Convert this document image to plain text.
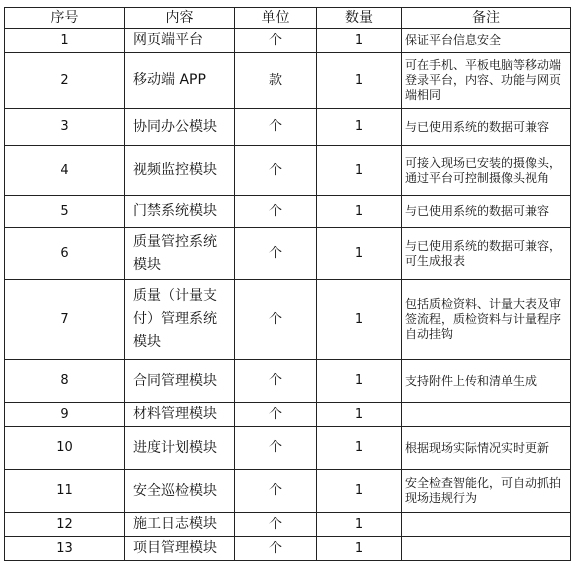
序号	内容	单位	数量	备注
1	网页端平台	个	1	保证平台信息安全
2	移动端 APP	款	1	可在手机、平板电脑等移动端登录平台，内容、功能与网页端相同
3	协同办公模块	个	1	与已使用系统的数据可兼容
4	视频监控模块	个	1	可接入现场已安装的摄像头，通过平台可控制摄像头视角
5	门禁系统模块	个	1	与已使用系统的数据可兼容
6	质量管控系统模块	个	1	与已使用系统的数据可兼容，可生成报表
7	质量（计量支付）管理系统模块	个	1	包括质检资料、计量大表及审签流程，质检资料与计量程序自动挂钩
8	合同管理模块	个	1	支持附件上传和清单生成
9	材料管理模块	个	1	
10	进度计划模块	个	1	根据现场实际情况实时更新
11	安全巡检模块	个	1	安全检查智能化，可自动抓拍现场违规行为
12	施工日志模块	个	1	
13	项目管理模块	个	1	
